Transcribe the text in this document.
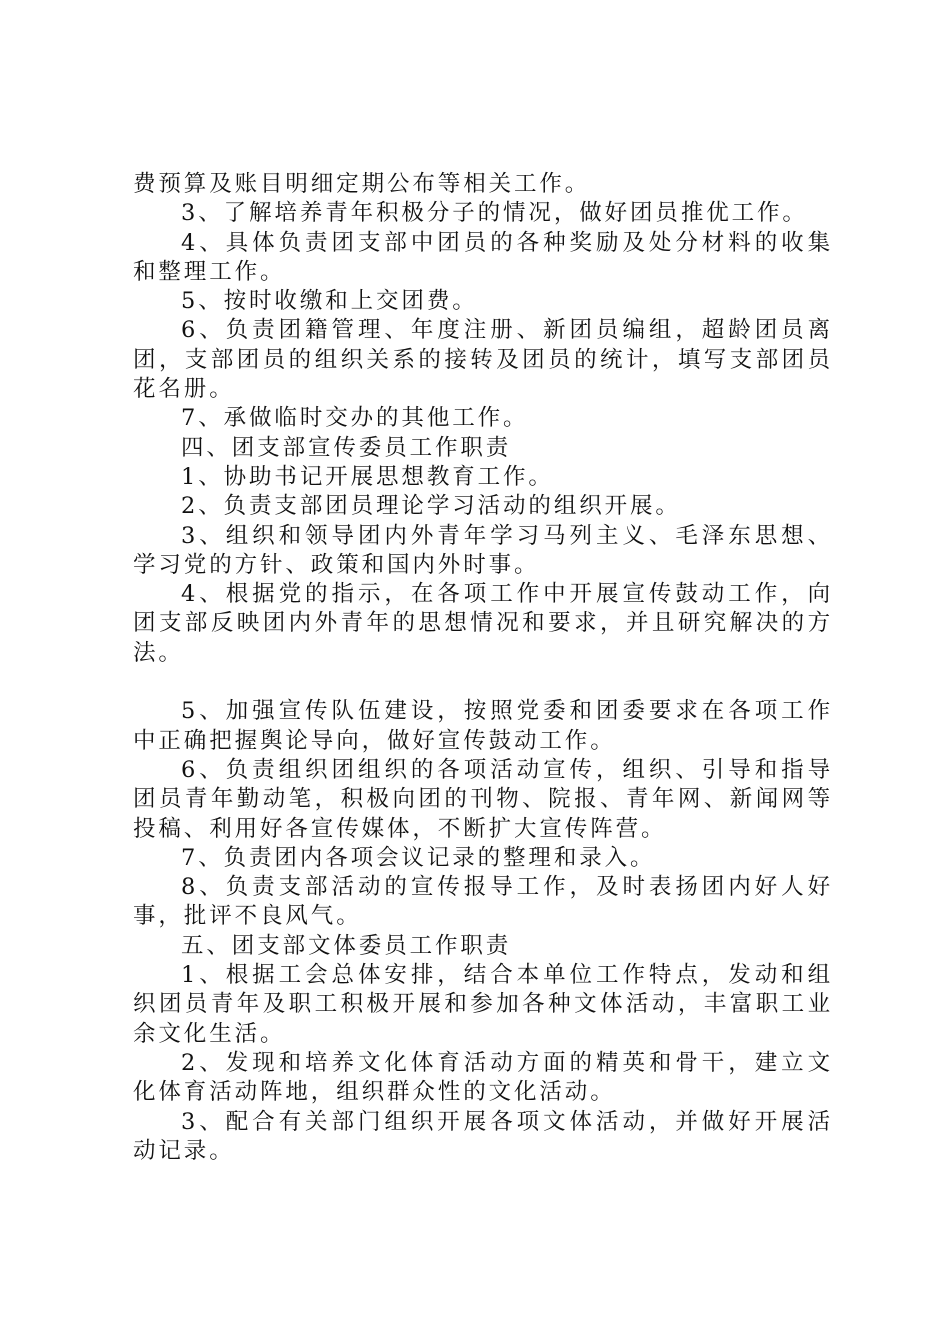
费预算及账目明细定期公布等相关工作。

3、了解培养青年积极分子的情况，做好团员推优工作。

4、具体负责团支部中团员的各种奖励及处分材料的收集和整理工作。

5、按时收缴和上交团费。

6、负责团籍管理、年度注册、新团员编组，超龄团员离团，支部团员的组织关系的接转及团员的统计，填写支部团员花名册。

7、承做临时交办的其他工作。

四、团支部宣传委员工作职责

1、协助书记开展思想教育工作。

2、负责支部团员理论学习活动的组织开展。

3、组织和领导团内外青年学习马列主义、毛泽东思想、学习党的方针、政策和国内外时事。

4、根据党的指示，在各项工作中开展宣传鼓动工作，向团支部反映团内外青年的思想情况和要求，并且研究解决的方法。

5、加强宣传队伍建设，按照党委和团委要求在各项工作中正确把握舆论导向，做好宣传鼓动工作。

6、负责组织团组织的各项活动宣传，组织、引导和指导团员青年勤动笔，积极向团的刊物、院报、青年网、新闻网等投稿、利用好各宣传媒体，不断扩大宣传阵营。

7、负责团内各项会议记录的整理和录入。

8、负责支部活动的宣传报导工作，及时表扬团内好人好事，批评不良风气。

五、团支部文体委员工作职责

1、根据工会总体安排，结合本单位工作特点，发动和组织团员青年及职工积极开展和参加各种文体活动，丰富职工业余文化生活。

2、发现和培养文化体育活动方面的精英和骨干，建立文化体育活动阵地，组织群众性的文化活动。

3、配合有关部门组织开展各项文体活动，并做好开展活动记录。
